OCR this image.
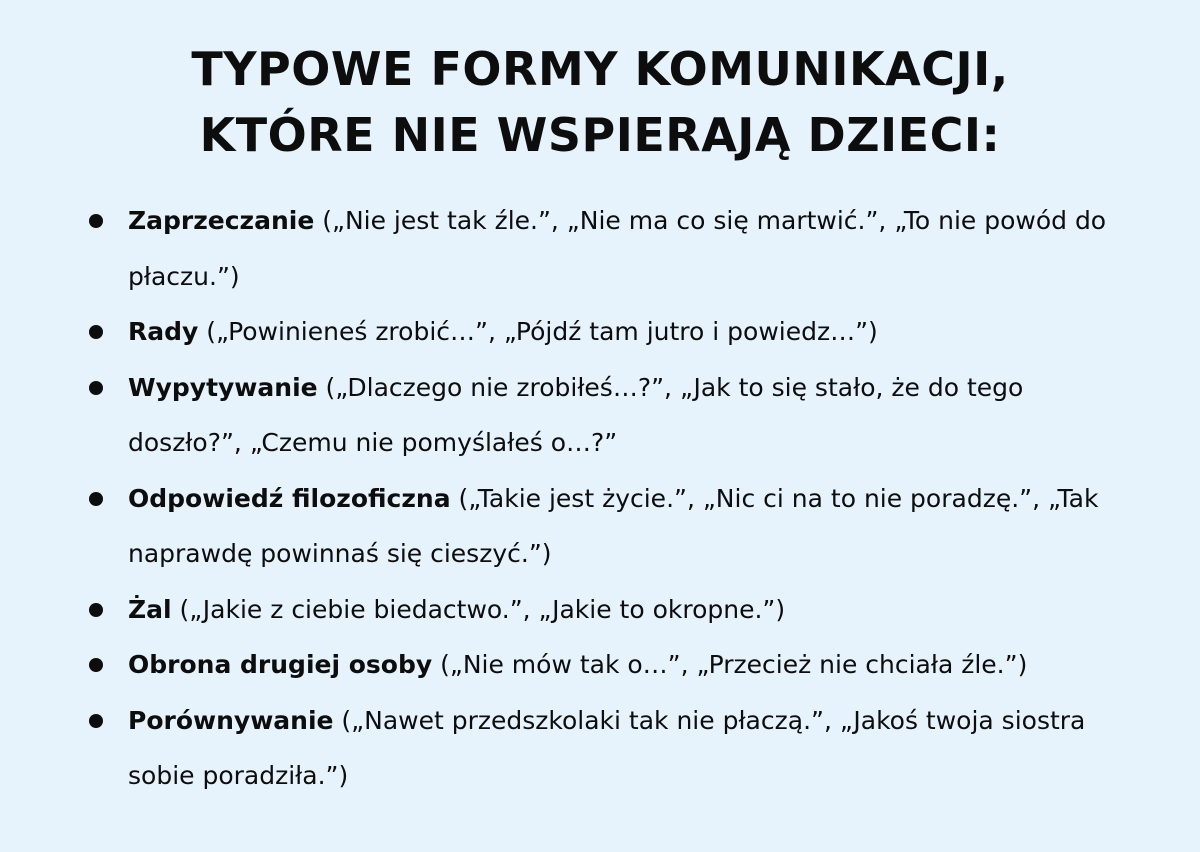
TYPOWE FORMY KOMUNIKACJI,
KTÓRE NIE WSPIERAJĄ DZIECI:
Zaprzeczanie („Nie jest tak źle.”, „Nie ma co się martwić.”, „To nie powód do płaczu.”)
Rady („Powinieneś zrobić…”, „Pójdź tam jutro i powiedz…”)
Wypytywanie („Dlaczego nie zrobiłeś…?”, „Jak to się stało, że do tego doszło?”, „Czemu nie pomyślałeś o…?”
Odpowiedź filozoficzna („Takie jest życie.”, „Nic ci na to nie poradzę.”, „Tak naprawdę powinnaś się cieszyć.”)
Żal („Jakie z ciebie biedactwo.”, „Jakie to okropne.”)
Obrona drugiej osoby („Nie mów tak o…”, „Przecież nie chciała źle.”)
Porównywanie („Nawet przedszkolaki tak nie płaczą.”, „Jakoś twoja siostra sobie poradziła.”)
